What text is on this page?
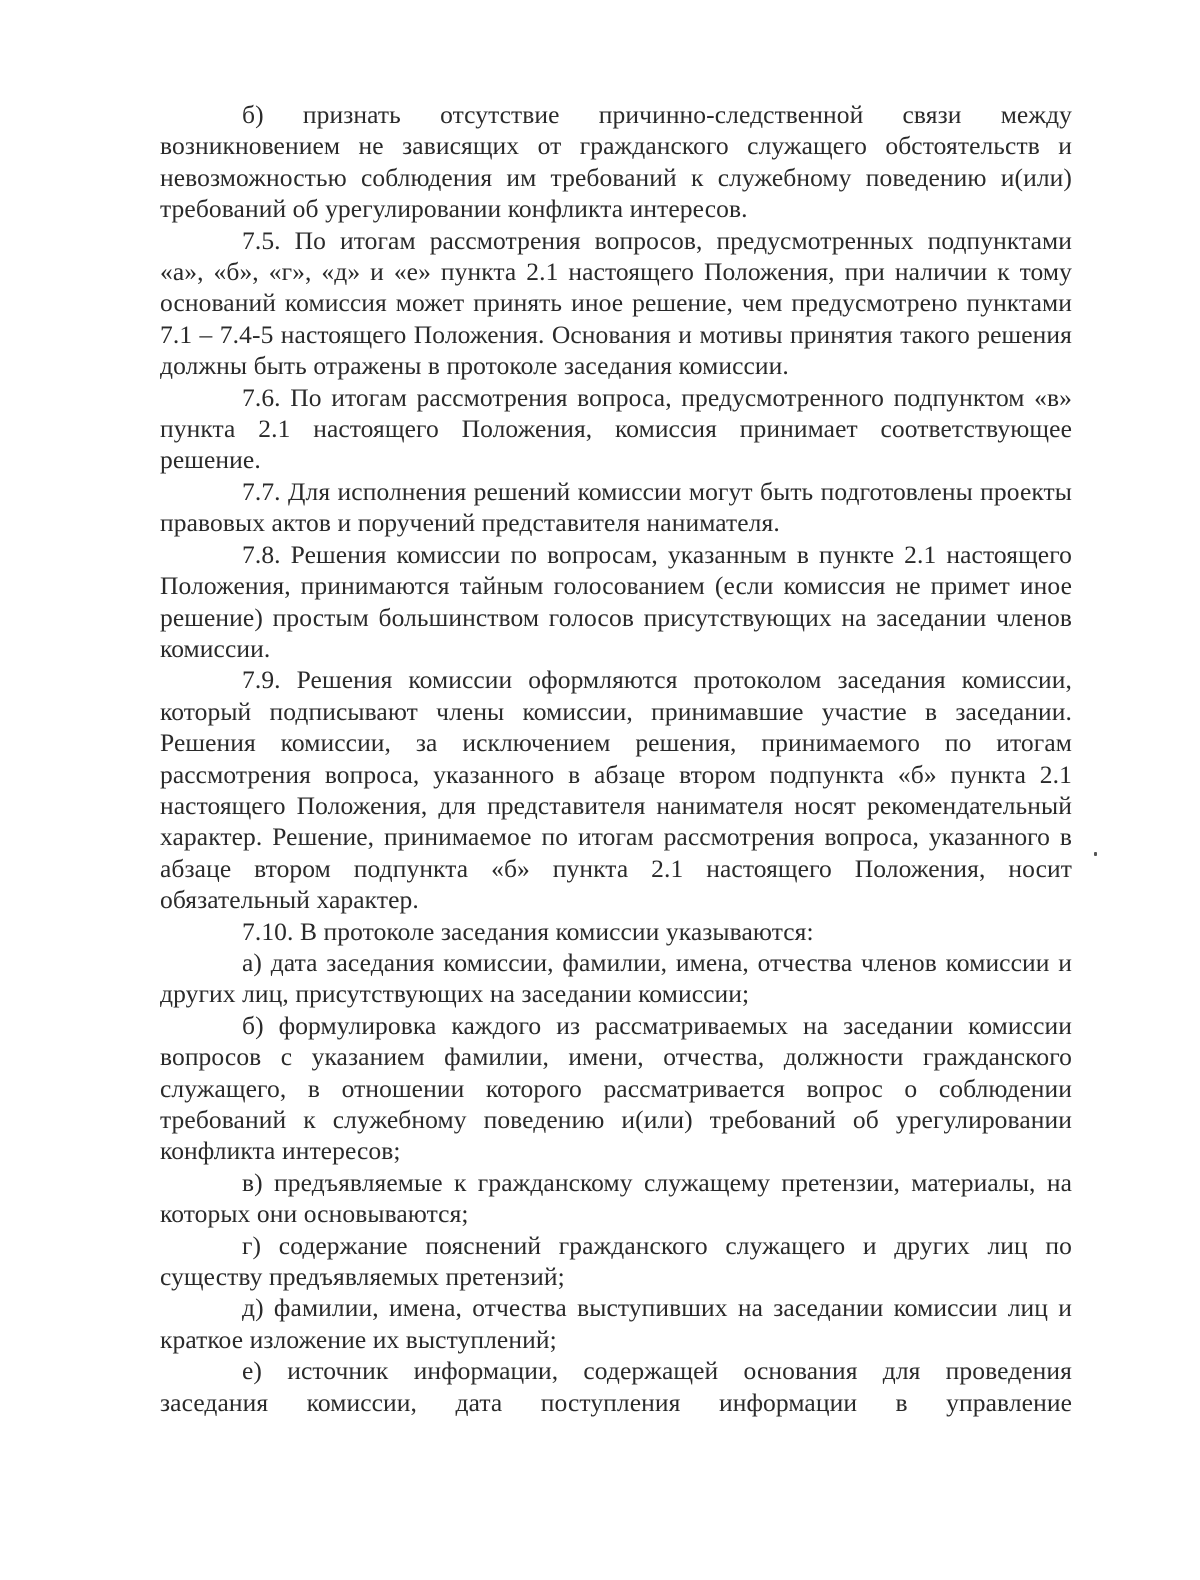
б) признать отсутствие причинно-следственной связи между возникновением не зависящих от гражданского служащего обстоятельств и невозможностью соблюдения им требований к служебному поведению и(или) требований об урегулировании конфликта интересов.

7.5. По итогам рассмотрения вопросов, предусмотренных подпунктами «а», «б», «г», «д» и «е» пункта 2.1 настоящего Положения, при наличии к тому оснований комиссия может принять иное решение, чем предусмотрено пунктами 7.1 – 7.4-5 настоящего Положения. Основания и мотивы принятия такого решения должны быть отражены в протоколе заседания комиссии.

7.6. По итогам рассмотрения вопроса, предусмотренного подпунктом «в» пункта 2.1 настоящего Положения, комиссия принимает соответствующее решение.

7.7. Для исполнения решений комиссии могут быть подготовлены проекты правовых актов и поручений представителя нанимателя.

7.8. Решения комиссии по вопросам, указанным в пункте 2.1 настоящего Положения, принимаются тайным голосованием (если комиссия не примет иное решение) простым большинством голосов присутствующих на заседании членов комиссии.

7.9. Решения комиссии оформляются протоколом заседания комиссии, который подписывают члены комиссии, принимавшие участие в заседании. Решения комиссии, за исключением решения, принимаемого по итогам рассмотрения вопроса, указанного в абзаце втором подпункта «б» пункта 2.1 настоящего Положения, для представителя нанимателя носят рекомендательный характер. Решение, принимаемое по итогам рассмотрения вопроса, указанного в абзаце втором подпункта «б» пункта 2.1 настоящего Положения, носит обязательный характер.

7.10. В протоколе заседания комиссии указываются:

а) дата заседания комиссии, фамилии, имена, отчества членов комиссии и других лиц, присутствующих на заседании комиссии;

б) формулировка каждого из рассматриваемых на заседании комиссии вопросов с указанием фамилии, имени, отчества, должности гражданского служащего, в отношении которого рассматривается вопрос о соблюдении требований к служебному поведению и(или) требований об урегулировании конфликта интересов;

в) предъявляемые к гражданскому служащему претензии, материалы, на которых они основываются;

г) содержание пояснений гражданского служащего и других лиц по существу предъявляемых претензий;

д) фамилии, имена, отчества выступивших на заседании комиссии лиц и краткое изложение их выступлений;

е) источник информации, содержащей основания для проведения заседания комиссии, дата поступления информации в управление
